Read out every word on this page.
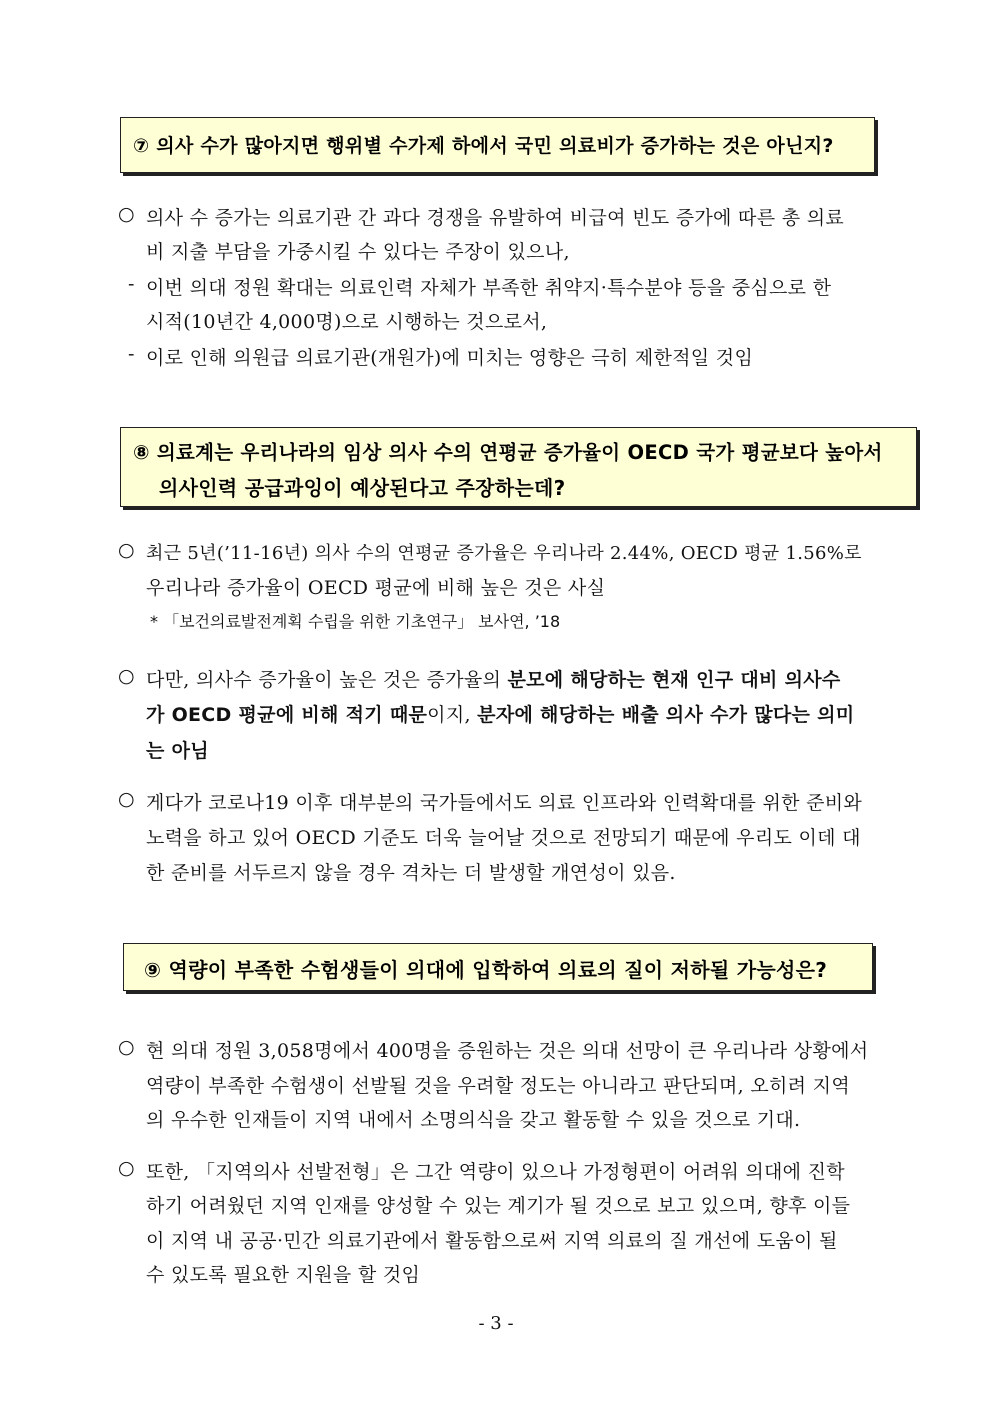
⑦ 의사 수가 많아지면 행위별 수가제 하에서 국민 의료비가 증가하는 것은 아닌지?
○ 의사 수 증가는 의료기관 간 과다 경쟁을 유발하여 비급여 빈도 증가에 따른 총 의료
비 지출 부담을 가중시킬 수 있다는 주장이 있으나,
- 이번 의대 정원 확대는 의료인력 자체가 부족한 취약지·특수분야 등을 중심으로 한
시적(10년간 4,000명)으로 시행하는 것으로서,
- 이로 인해 의원급 의료기관(개원가)에 미치는 영향은 극히 제한적일 것임
⑧ 의료계는 우리나라의 임상 의사 수의 연평균 증가율이 OECD 국가 평균보다 높아서
의사인력 공급과잉이 예상된다고 주장하는데?
○ 최근 5년(’11-16년) 의사 수의 연평균 증가율은 우리나라 2.44%, OECD 평균 1.56%로
우리나라 증가율이 OECD 평균에 비해 높은 것은 사실
* 「보건의료발전계획 수립을 위한 기초연구」 보사연, ’18
○ 다만, 의사수 증가율이 높은 것은 증가율의 분모에 해당하는 현재 인구 대비 의사수
가 OECD 평균에 비해 적기 때문이지, 분자에 해당하는 배출 의사 수가 많다는 의미
는 아님
○ 게다가 코로나19 이후 대부분의 국가들에서도 의료 인프라와 인력확대를 위한 준비와
노력을 하고 있어 OECD 기준도 더욱 늘어날 것으로 전망되기 때문에 우리도 이데 대
한 준비를 서두르지 않을 경우 격차는 더 발생할 개연성이 있음.
⑨ 역량이 부족한 수험생들이 의대에 입학하여 의료의 질이 저하될 가능성은?
○ 현 의대 정원 3,058명에서 400명을 증원하는 것은 의대 선망이 큰 우리나라 상황에서
역량이 부족한 수험생이 선발될 것을 우려할 정도는 아니라고 판단되며, 오히려 지역
의 우수한 인재들이 지역 내에서 소명의식을 갖고 활동할 수 있을 것으로 기대.
○ 또한, 「지역의사 선발전형」은 그간 역량이 있으나 가정형편이 어려워 의대에 진학
하기 어려웠던 지역 인재를 양성할 수 있는 계기가 될 것으로 보고 있으며, 향후 이들
이 지역 내 공공·민간 의료기관에서 활동함으로써 지역 의료의 질 개선에 도움이 될
수 있도록 필요한 지원을 할 것임
- 3 -
